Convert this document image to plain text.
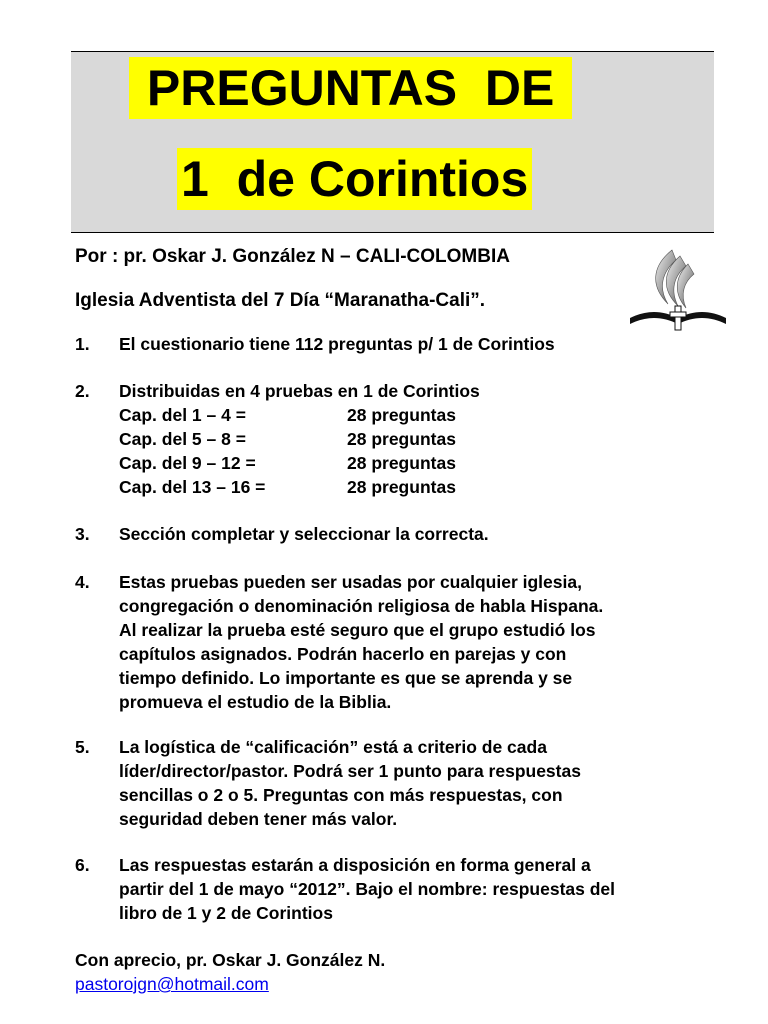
PREGUNTAS  DE
1  de Corintios
Por : pr. Oskar J. González N – CALI-COLOMBIA
Iglesia Adventista del 7 Día “Maranatha-Cali”.
1.	El cuestionario tiene 112 preguntas p/ 1 de Corintios
2.	Distribuidas en 4 pruebas en 1 de Corintios
Cap. del 1 – 4 =	28 preguntas
Cap. del 5 – 8 =	28 preguntas
Cap. del 9 – 12 =	28 preguntas
Cap. del 13 – 16 =	28 preguntas
3.	Sección completar y seleccionar la correcta.
4.	Estas pruebas pueden ser usadas por cualquier iglesia,
congregación o denominación religiosa de habla Hispana.
Al realizar la prueba esté seguro que el grupo estudió los
capítulos asignados. Podrán hacerlo en parejas y con
tiempo definido. Lo importante es que se aprenda y se
promueva el estudio de la Biblia.
5.	La logística de “calificación” está a criterio de cada
líder/director/pastor. Podrá ser 1 punto para respuestas
sencillas o 2 o 5. Preguntas con más respuestas, con
seguridad deben tener más valor.
6.	Las respuestas estarán a disposición en forma general a
partir del 1 de mayo “2012”. Bajo el nombre: respuestas del
libro de 1 y 2 de Corintios
Con aprecio, pr. Oskar J. González N.
pastorojgn@hotmail.com
